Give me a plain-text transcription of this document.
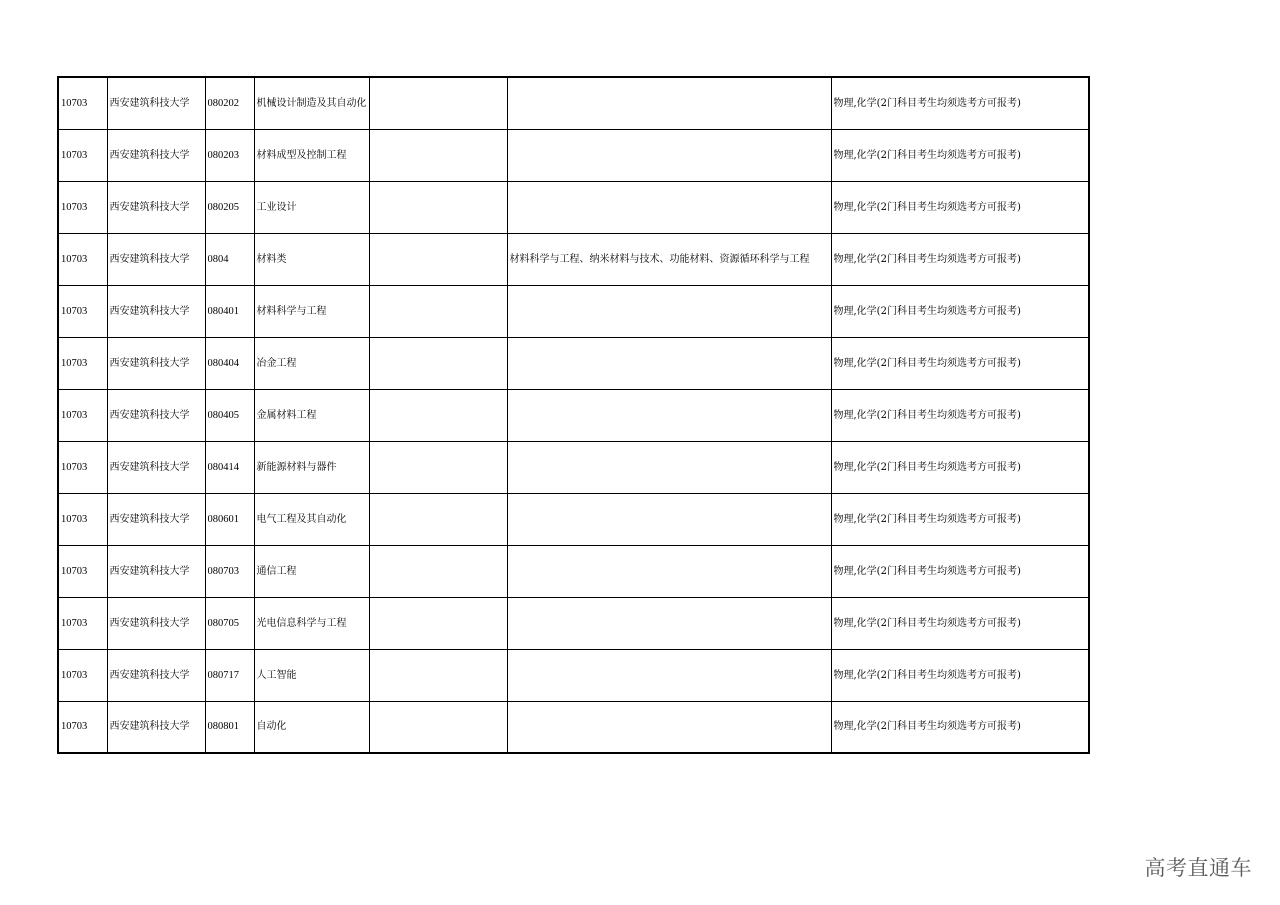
10703	西安建筑科技大学	080202	机械设计制造及其自动化			物理,化学(2门科目考生均须选考方可报考)
10703	西安建筑科技大学	080203	材料成型及控制工程			物理,化学(2门科目考生均须选考方可报考)
10703	西安建筑科技大学	080205	工业设计			物理,化学(2门科目考生均须选考方可报考)
10703	西安建筑科技大学	0804	材料类		材料科学与工程、纳米材料与技术、功能材料、资源循环科学与工程	物理,化学(2门科目考生均须选考方可报考)
10703	西安建筑科技大学	080401	材料科学与工程			物理,化学(2门科目考生均须选考方可报考)
10703	西安建筑科技大学	080404	冶金工程			物理,化学(2门科目考生均须选考方可报考)
10703	西安建筑科技大学	080405	金属材料工程			物理,化学(2门科目考生均须选考方可报考)
10703	西安建筑科技大学	080414	新能源材料与器件			物理,化学(2门科目考生均须选考方可报考)
10703	西安建筑科技大学	080601	电气工程及其自动化			物理,化学(2门科目考生均须选考方可报考)
10703	西安建筑科技大学	080703	通信工程			物理,化学(2门科目考生均须选考方可报考)
10703	西安建筑科技大学	080705	光电信息科学与工程			物理,化学(2门科目考生均须选考方可报考)
10703	西安建筑科技大学	080717	人工智能			物理,化学(2门科目考生均须选考方可报考)
10703	西安建筑科技大学	080801	自动化			物理,化学(2门科目考生均须选考方可报考)
高考直通车
